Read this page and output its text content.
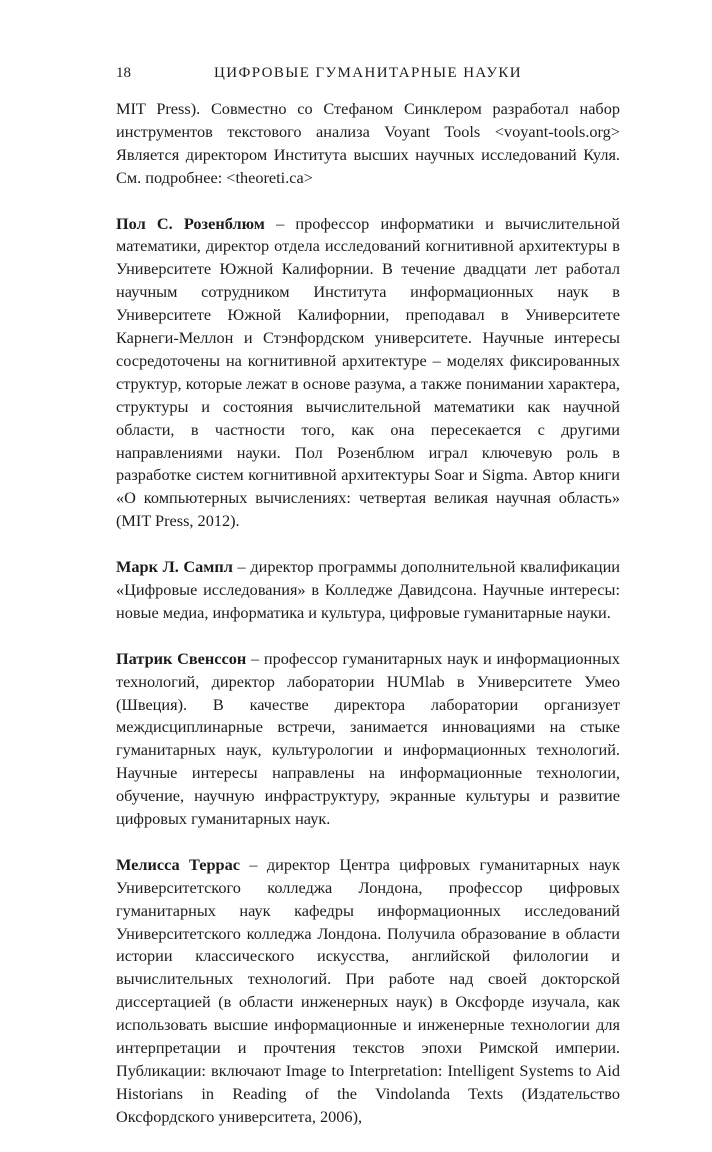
18	ЦИФРОВЫЕ ГУМАНИТАРНЫЕ НАУКИ

MIT Press). Совместно со Стефаном Синклером разработал набор инструментов текстового анализа Voyant Tools <voyant-tools.org> Является директором Института высших научных исследований Куля. См. подробнее: <theoreti.ca>

Пол С. Розенблюм – профессор информатики и вычислительной математики, директор отдела исследований когнитивной архитектуры в Университете Южной Калифорнии. В течение двадцати лет работал научным сотрудником Института информационных наук в Университете Южной Калифорнии, преподавал в Университете Карнеги-Меллон и Стэнфордском университете. Научные интересы сосредоточены на когнитивной архитектуре – моделях фиксированных структур, которые лежат в основе разума, а также понимании характера, структуры и состояния вычислительной математики как научной области, в частности того, как она пересекается с другими направлениями науки. Пол Розенблюм играл ключевую роль в разработке систем когнитивной архитектуры Soar и Sigma. Автор книги «О компьютерных вычислениях: четвертая великая научная область» (MIT Press, 2012).

Марк Л. Сампл – директор программы дополнительной квалификации «Цифровые исследования» в Колледже Давидсона. Научные интересы: новые медиа, информатика и культура, цифровые гуманитарные науки.

Патрик Свенссон – профессор гуманитарных наук и информационных технологий, директор лаборатории HUMlab в Университете Умео (Швеция). В качестве директора лаборатории организует междисциплинарные встречи, занимается инновациями на стыке гуманитарных наук, культурологии и информационных технологий. Научные интересы направлены на информационные технологии, обучение, научную инфраструктуру, экранные культуры и развитие цифровых гуманитарных наук.

Мелисса Террас – директор Центра цифровых гуманитарных наук Университетского колледжа Лондона, профессор цифровых гуманитарных наук кафедры информационных исследований Университетского колледжа Лондона. Получила образование в области истории классического искусства, английской филологии и вычислительных технологий. При работе над своей докторской диссертацией (в области инженерных наук) в Оксфорде изучала, как использовать высшие информационные и инженерные технологии для интерпретации и прочтения текстов эпохи Римской империи. Публикации: включают Image to Interpretation: Intelligent Systems to Aid Historians in Reading of the Vindolanda Texts (Издательство Оксфордского университета, 2006),
